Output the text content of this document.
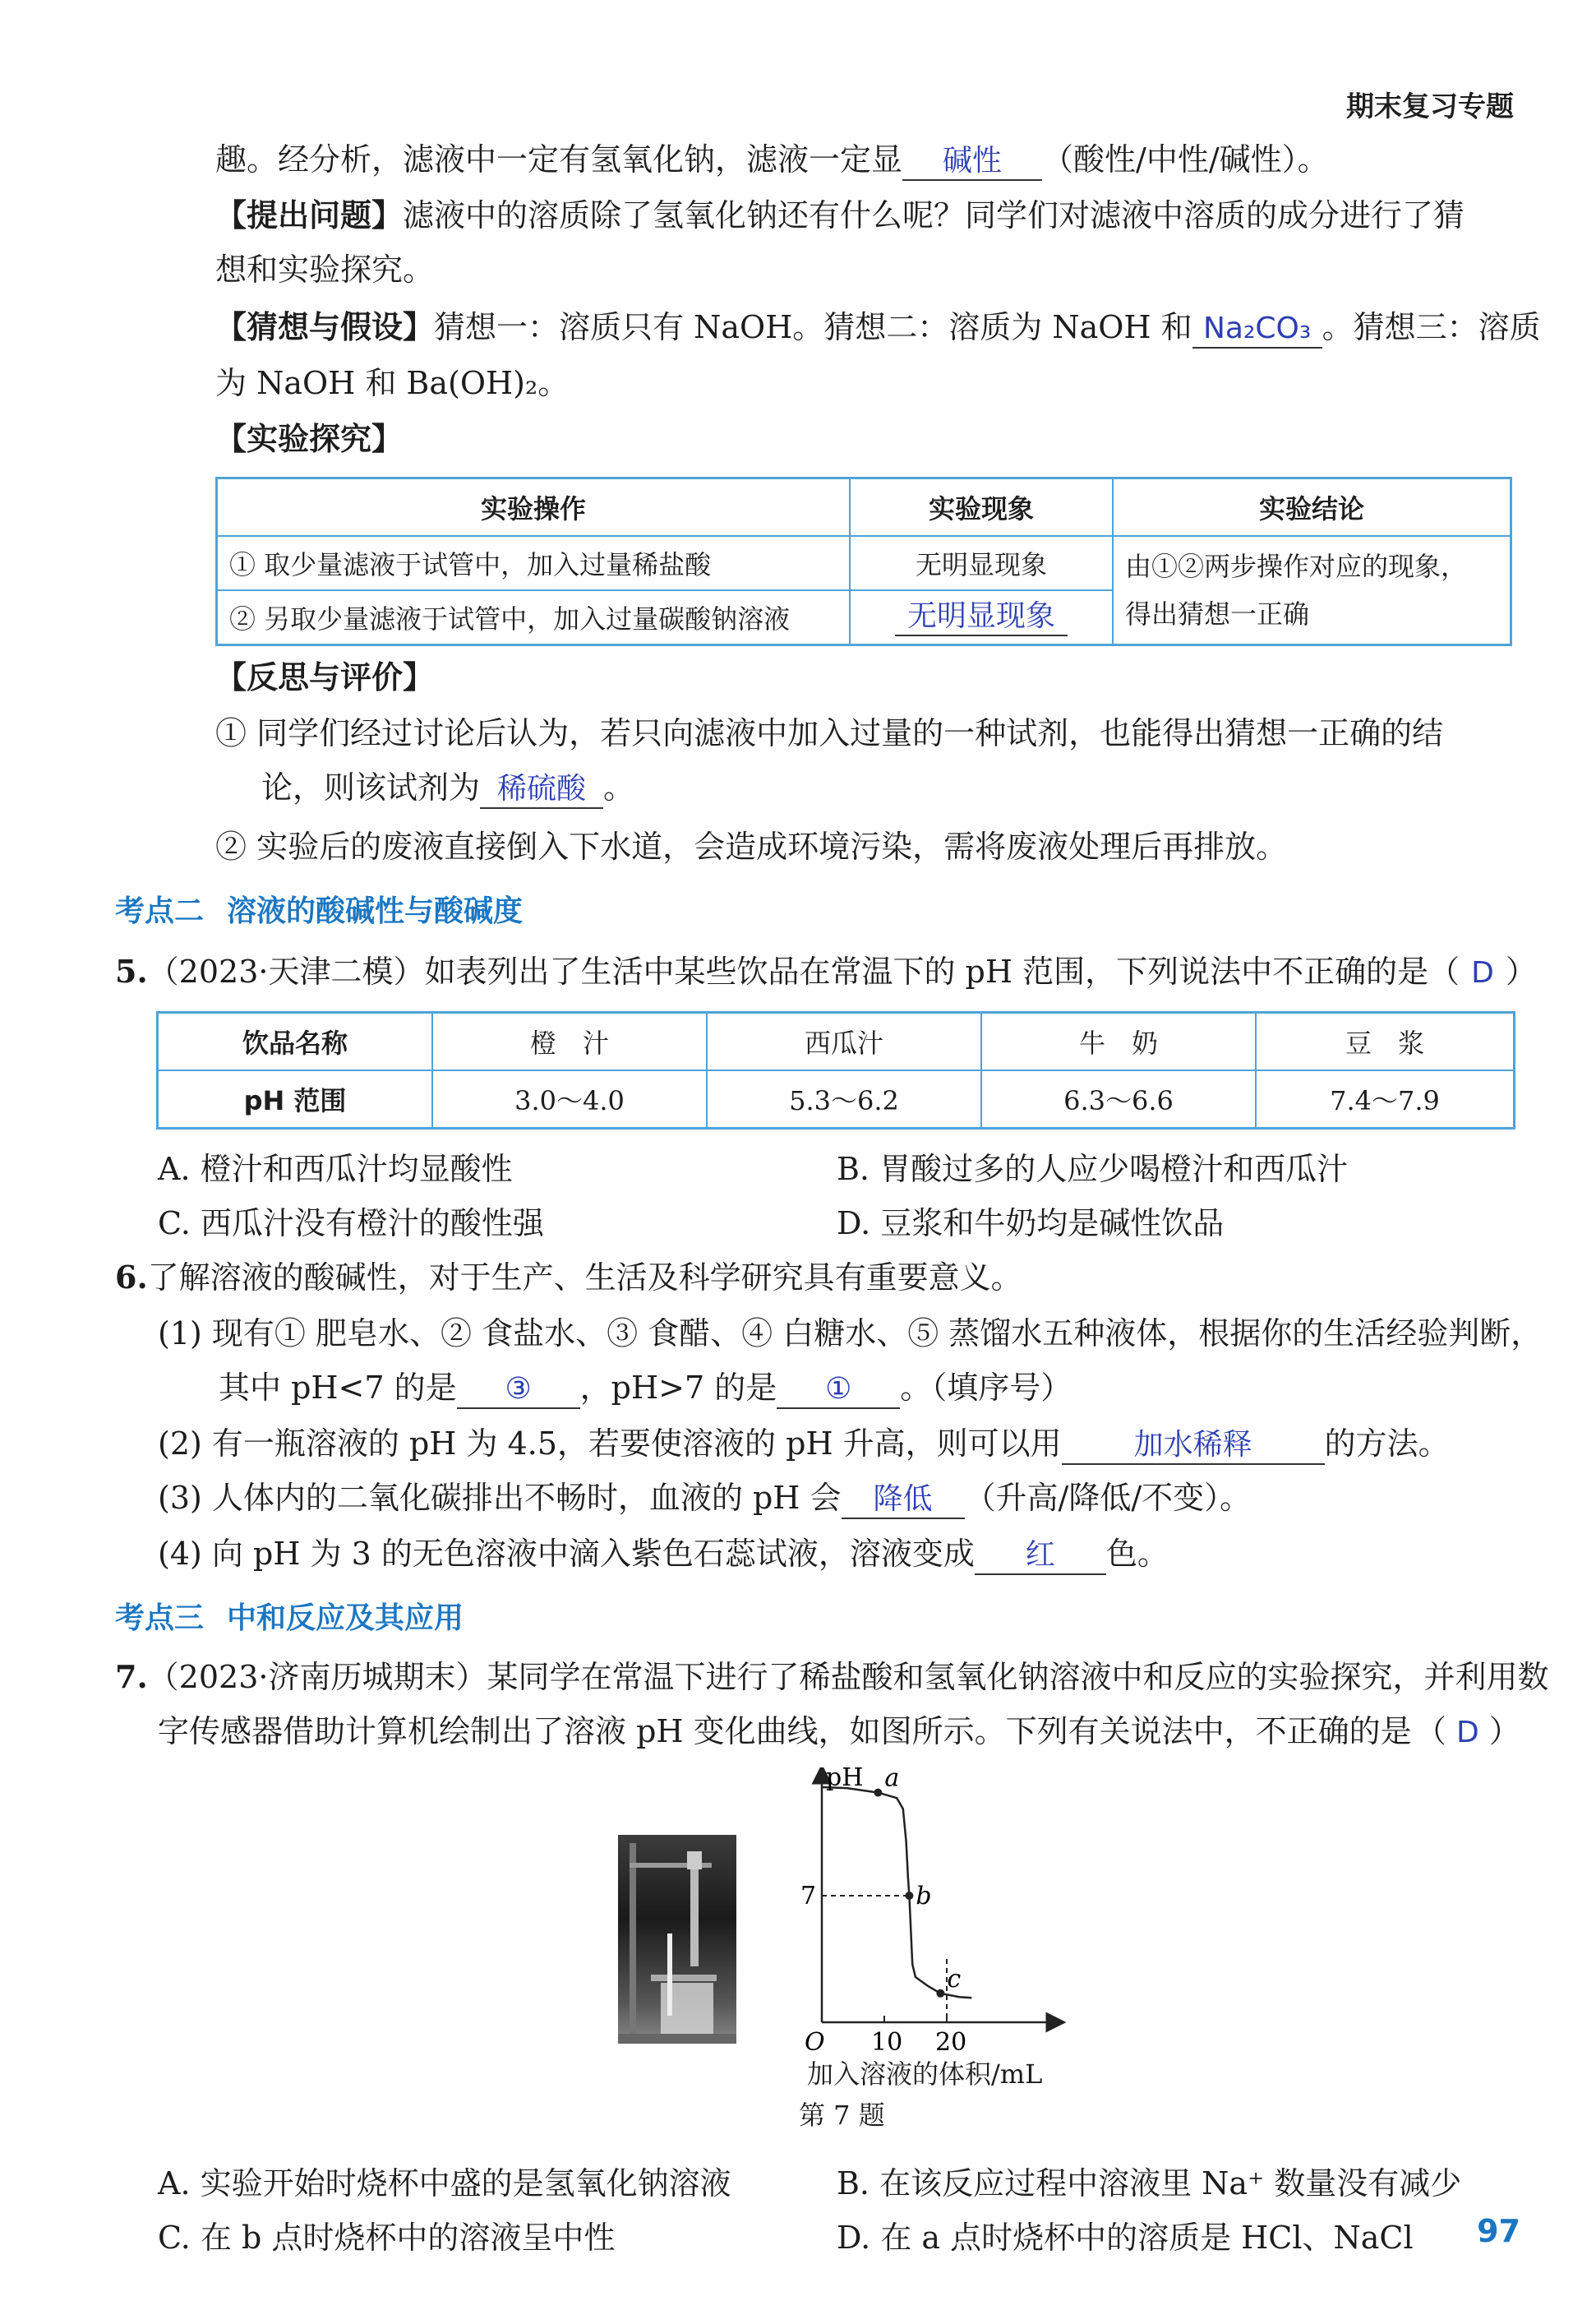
期末复习专题
趣。经分析，滤液中一定有氢氧化钠，滤液一定显 碱性 （酸性/中性/碱性）。
【提出问题】滤液中的溶质除了氢氧化钠还有什么呢？同学们对滤液中溶质的成分进行了猜
想和实验探究。
【猜想与假设】猜想一：溶质只有 NaOH。猜想二：溶质为 NaOH 和 Na₂CO₃ 。猜想三：溶质
为 NaOH 和 Ba(OH)₂。
【实验探究】
实验操作	实验现象	实验结论
① 取少量滤液于试管中，加入过量稀盐酸	无明显现象	由①②两步操作对应的现象，
得出猜想一正确

② 另取少量滤液于试管中，加入过量碳酸钠溶液	无明显现象	
【反思与评价】
① 同学们经过讨论后认为，若只向滤液中加入过量的一种试剂，也能得出猜想一正确的结
论，则该试剂为 稀硫酸 。
② 实验后的废液直接倒入下水道，会造成环境污染，需将废液处理后再排放。
考点二 溶液的酸碱性与酸碱度
5.（2023·天津二模）如表列出了生活中某些饮品在常温下的 pH 范围，下列说法中不正确的是（ D ）
饮品名称	橙　汁	西瓜汁	牛　奶	豆　浆
pH 范围	3.0～4.0	5.3～6.2	6.3～6.6	7.4～7.9
A. 橙汁和西瓜汁均显酸性	B. 胃酸过多的人应少喝橙汁和西瓜汁
C. 西瓜汁没有橙汁的酸性强	D. 豆浆和牛奶均是碱性饮品
6.了解溶液的酸碱性，对于生产、生活及科学研究具有重要意义。
(1) 现有① 肥皂水、② 食盐水、③ 食醋、④ 白糖水、⑤ 蒸馏水五种液体，根据你的生活经验判断，
其中 pH<7 的是 ③ ，pH>7 的是 ① 。（填序号）
(2) 有一瓶溶液的 pH 为 4.5，若要使溶液的 pH 升高，则可以用 加水稀释 的方法。
(3) 人体内的二氧化碳排出不畅时，血液的 pH 会 降低 （升高/降低/不变）。
(4) 向 pH 为 3 的无色溶液中滴入紫色石蕊试液，溶液变成 红 色。
考点三 中和反应及其应用
7.（2023·济南历城期末）某同学在常温下进行了稀盐酸和氢氧化钠溶液中和反应的实验探究，并利用数
字传感器借助计算机绘制出了溶液 pH 变化曲线，如图所示。下列有关说法中，不正确的是 （ D ）
10 20
7
a
b
c
pH
O
加入溶液的体积/mL
第 7 题
A. 实验开始时烧杯中盛的是氢氧化钠溶液	B. 在该反应过程中溶液里 Na⁺ 数量没有减少
C. 在 b 点时烧杯中的溶液呈中性	D. 在 a 点时烧杯中的溶质是 HCl、NaCl 97
